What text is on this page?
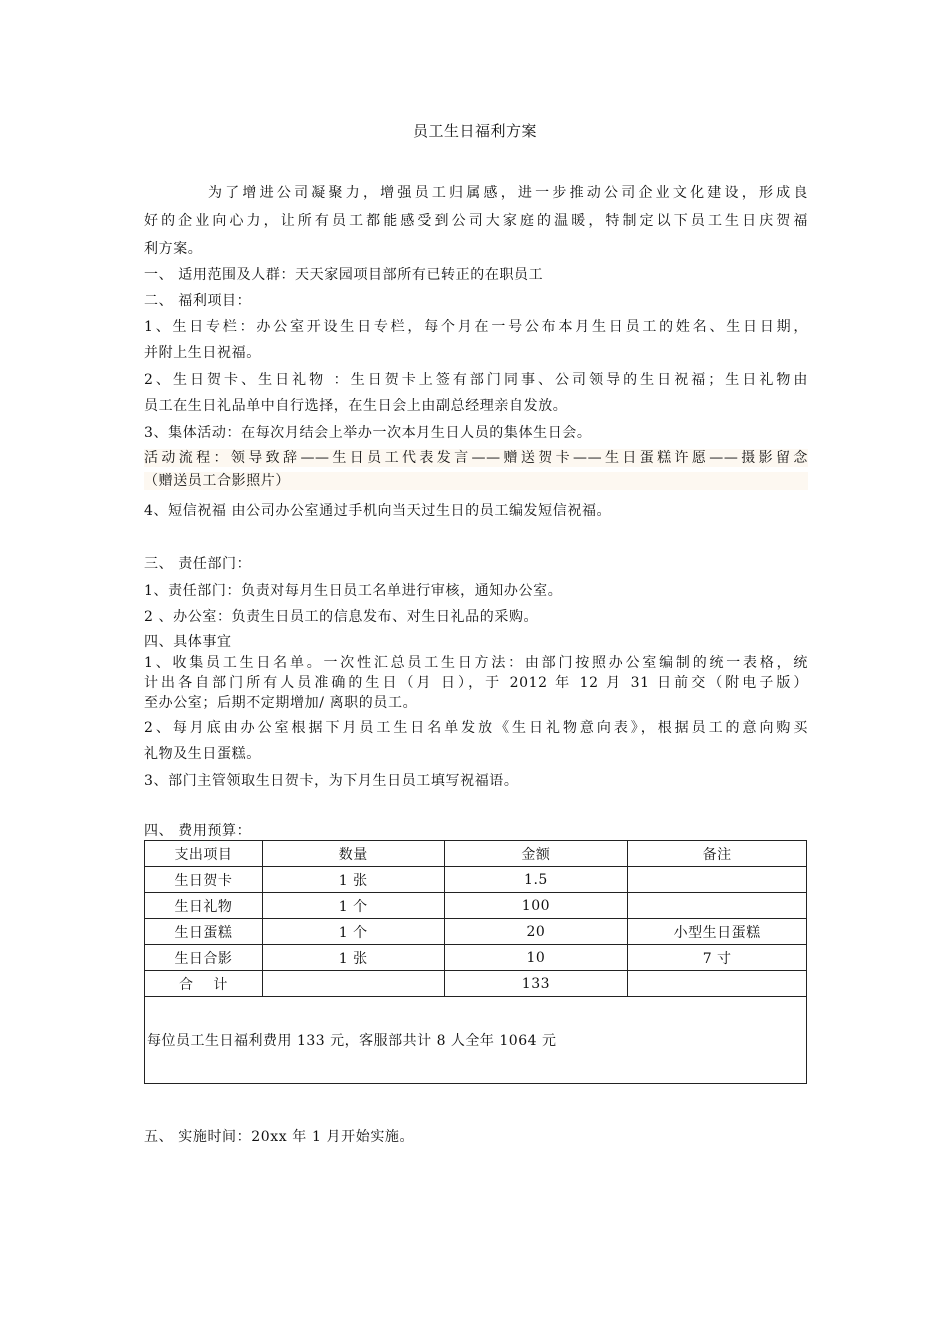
员工生日福利方案
为了增进公司凝聚力，增强员工归属感，进一步推动公司企业文化建设，形成良
好的企业向心力，让所有员工都能感受到公司大家庭的温暖，特制定以下员工生日庆贺福
利方案。
一、 适用范围及人群：天天家园项目部所有已转正的在职员工
二、 福利项目：
1、生日专栏：办公室开设生日专栏，每个月在一号公布本月生日员工的姓名、生日日期，
并附上生日祝福。
2、生日贺卡、生日礼物 ：生日贺卡上签有部门同事、公司领导的生日祝福；生日礼物由
员工在生日礼品单中自行选择，在生日会上由副总经理亲自发放。
3、集体活动：在每次月结会上举办一次本月生日人员的集体生日会。
活动流程：领导致辞——生日员工代表发言——赠送贺卡——生日蛋糕许愿——摄影留念
（赠送员工合影照片）
4、短信祝福 由公司办公室通过手机向当天过生日的员工编发短信祝福。
三、 责任部门：
1、责任部门：负责对每月生日员工名单进行审核，通知办公室。
2 、办公室：负责生日员工的信息发布、对生日礼品的采购。
四、具体事宜
1、收集员工生日名单。一次性汇总员工生日方法：由部门按照办公室编制的统一表格，统
计出各自部门所有人员准确的生日（月 日），于 2012 年 12 月 31 日前交（附电子版）
至办公室；后期不定期增加/ 离职的员工。
2、每月底由办公室根据下月员工生日名单发放《生日礼物意向表》，根据员工的意向购买
礼物及生日蛋糕。
3、部门主管领取生日贺卡，为下月生日员工填写祝福语。
四、 费用预算：
支出项目	数量	金额	备注
生日贺卡	1 张	1.5	
生日礼物	1 个	100	
生日蛋糕	1 个	20	小型生日蛋糕
生日合影	1 张	10	7 寸
合    计		133	
每位员工生日福利费用 133 元，客服部共计 8 人全年 1064 元			
五、 实施时间：20xx 年 1 月开始实施。
